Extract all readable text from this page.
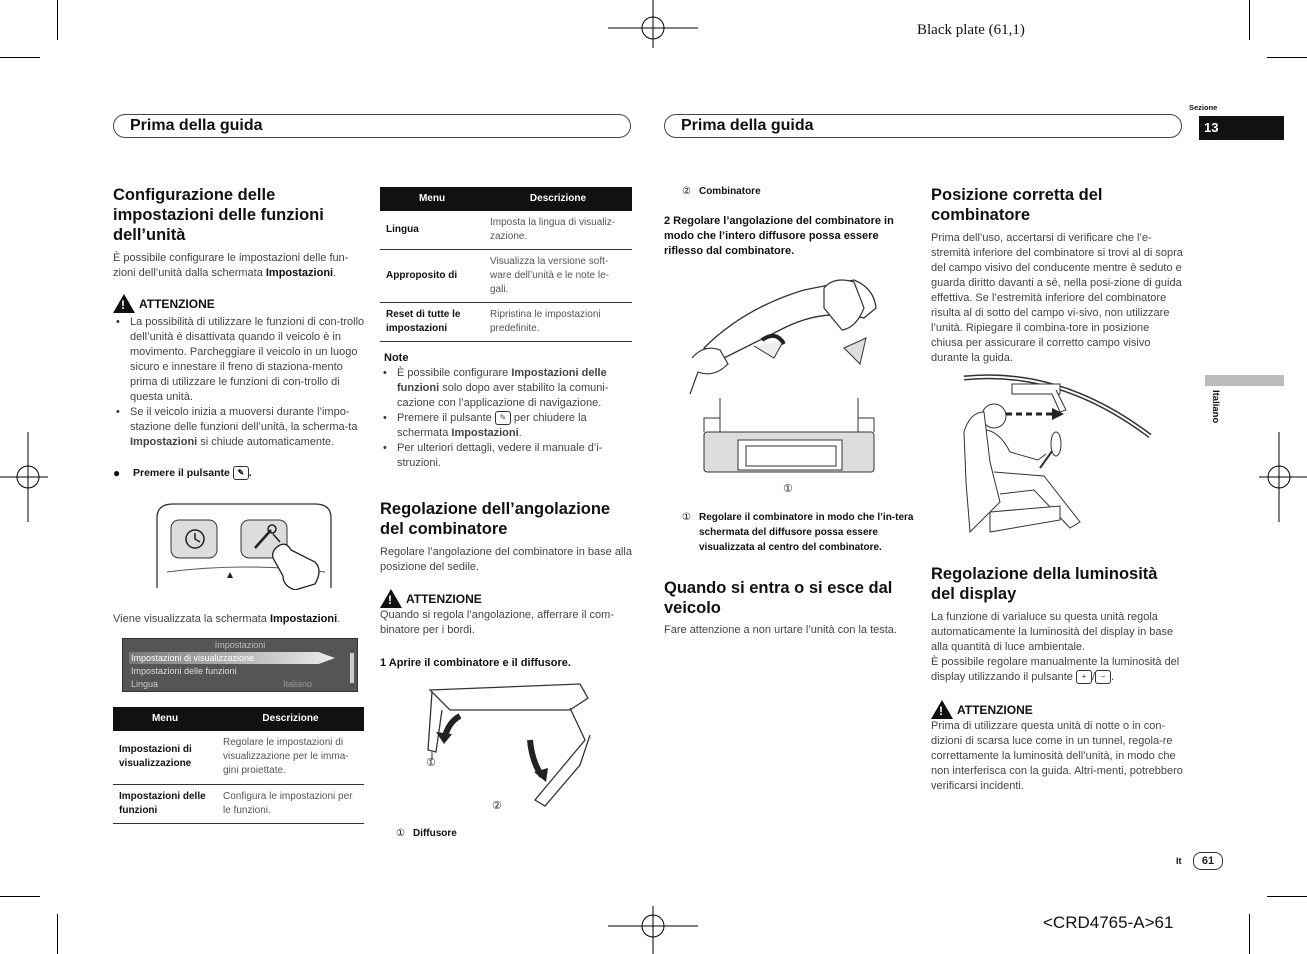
Black plate (61,1)
Sezione
13
Italiano
Prima della guida	Prima della guida
Configurazione delle impostazioni delle funzioni dell’unità

È possibile configurare le impostazioni delle fun-zioni dell’unità dalla schermata Impostazioni.

!
ATTENZIONE
• La possibilità di utilizzare le funzioni di con-trollo dell’unità è disattivata quando il veicolo è in movimento. Parcheggiare il veicolo in un luogo sicuro e innestare il freno di staziona-mento prima di utilizzare le funzioni di con-trollo di questa unità.
• Se il veicolo inizia a muoversi durante l’impo-stazione delle funzioni dell’unità, la scherma-ta Impostazioni si chiude automaticamente.
● Premere il pulsante ✎ .

Viene visualizzata la schermata Impostazioni.

Impostazioni
Impostazioni di visualizzazione
Impostazioni delle funzioni
Lingua	Italiano
Menu	Descrizione
Impostazioni di visualizzazione	Regolare le impostazioni di visualizzazione per le imma-gini proiettate.
Impostazioni delle funzioni	Configura le impostazioni per le funzioni.
Menu	Descrizione
Lingua	Imposta la lingua di visualiz-zazione.
Approposito di	Visualizza la versione soft-ware dell’unità e le note le-gali.
Reset di tutte le impostazioni	Ripristina le impostazioni predefinite.
Note
• È possibile configurare Impostazioni delle funzioni solo dopo aver stabilito la comuni-cazione con l’applicazione di navigazione.
• Premere il pulsante ✎ per chiudere la schermata Impostazioni.
• Per ulteriori dettagli, vedere il manuale d’i-struzioni.
Regolazione dell’angolazione del combinatore

Regolare l’angolazione del combinatore in base alla posizione del sedile.

!
ATTENZIONE

Quando si regola l’angolazione, afferrare il com-binatore per i bordi.

1 Aprire il combinatore e il diffusore.
①
②
① Diffusore
② Combinatore
2 Regolare l’angolazione del combinatore in modo che l’intero diffusore possa essere riflesso dal combinatore.
①
① Regolare il combinatore in modo che l’in-tera schermata del diffusore possa essere visualizzata al centro del combinatore.
Quando si entra o si esce dal veicolo

Fare attenzione a non urtare l’unità con la testa.

Posizione corretta del combinatore

Prima dell’uso, accertarsi di verificare che l’e-stremità inferiore del combinatore si trovi al di sopra del campo visivo del conducente mentre è seduto e guarda diritto davanti a sé, nella posi-zione di guida effettiva. Se l’estremità inferiore del combinatore risulta al di sotto del campo vi-sivo, non utilizzare l’unità. Ripiegare il combina-tore in posizione chiusa per assicurare il corretto campo visivo durante la guida.

Regolazione della luminosità del display

La funzione di varialuce su questa unità regola automaticamente la luminosità del display in base alla quantità di luce ambientale.

È possibile regolare manualmente la luminosità del display utilizzando il pulsante + / − .

!
ATTENZIONE

Prima di utilizzare questa unità di notte o in con-dizioni di scarsa luce come in un tunnel, regola-re correttamente la luminosità dell’unità, in modo che non interferisca con la guida. Altri-menti, potrebbero verificarsi incidenti.

It	61
<CRD4765-A>61
